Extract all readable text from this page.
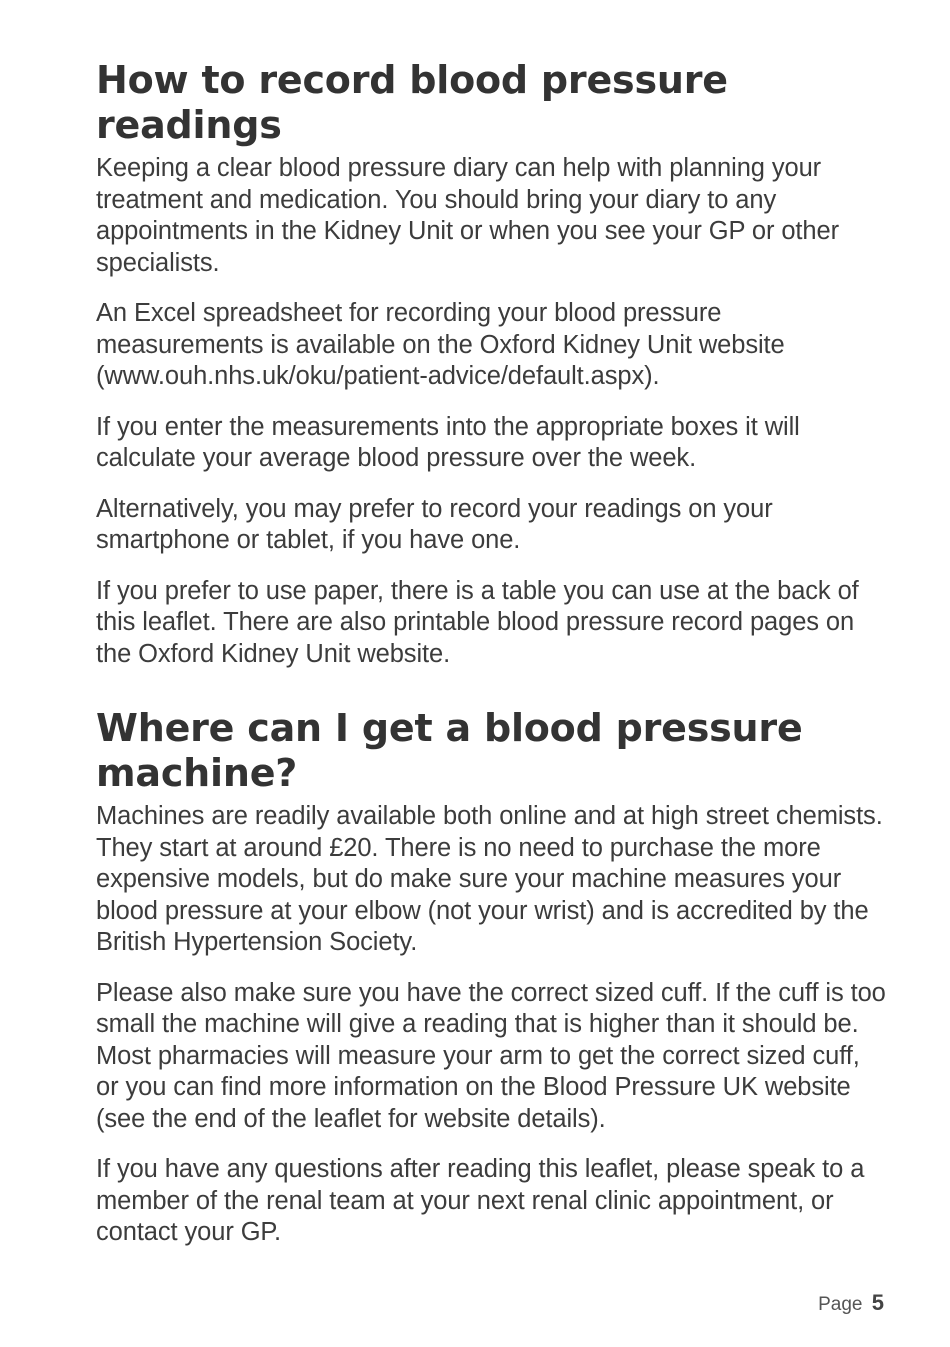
How to record blood pressure readings

Keeping a clear blood pressure diary can help with planning your treatment and medication. You should bring your diary to any appointments in the Kidney Unit or when you see your GP or other specialists.

An Excel spreadsheet for recording your blood pressure measurements is available on the Oxford Kidney Unit website (www.ouh.nhs.uk/oku/patient-advice/default.aspx).

If you enter the measurements into the appropriate boxes it will calculate your average blood pressure over the week.

Alternatively, you may prefer to record your readings on your smartphone or tablet, if you have one.

If you prefer to use paper, there is a table you can use at the back of this leaflet. There are also printable blood pressure record pages on the Oxford Kidney Unit website.

Where can I get a blood pressure machine?

Machines are readily available both online and at high street chemists. They start at around £20. There is no need to purchase the more expensive models, but do make sure your machine measures your blood pressure at your elbow (not your wrist) and is accredited by the British Hypertension Society.

Please also make sure you have the correct sized cuff. If the cuff is too small the machine will give a reading that is higher than it should be. Most pharmacies will measure your arm to get the correct sized cuff, or you can find more information on the Blood Pressure UK website (see the end of the leaflet for website details).

If you have any questions after reading this leaflet, please speak to a member of the renal team at your next renal clinic appointment, or contact your GP.

Page 5
